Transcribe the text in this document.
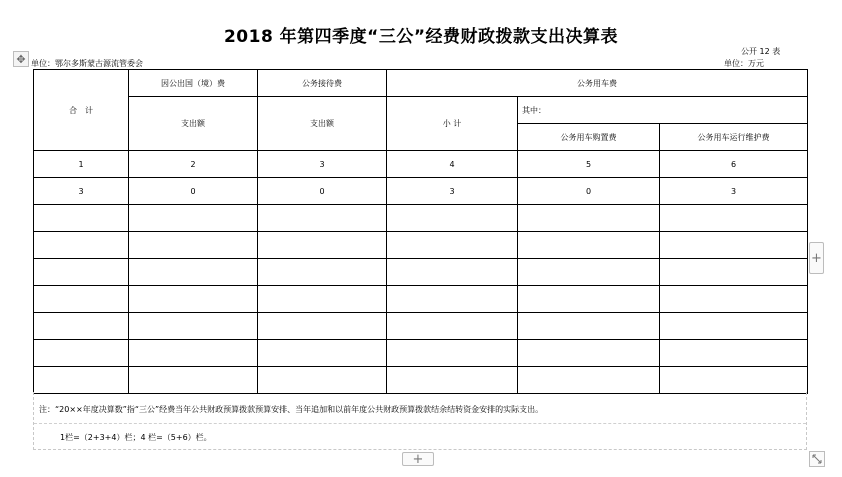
2018 年第四季度“三公”经费财政拨款支出决算表
✥
公开 12 表
单位：鄂尔多斯蒙古源流管委会	单位：万元
合　计	因公出国（境）费	公务接待费	公务用车费		
	支出额	支出额	小 计	其中：	
				公务用车购置费	公务用车运行维护费
1	2	3	4	5	6
3	0	0	3	0	3

注：“20××年度决算数”指“三公”经费当年公共财政预算拨款预算安排、当年追加和以前年度公共财政预算拨款结余结转资金安排的实际支出。
1栏=（2+3+4）栏；4 栏=（5+6）栏。
+
+
